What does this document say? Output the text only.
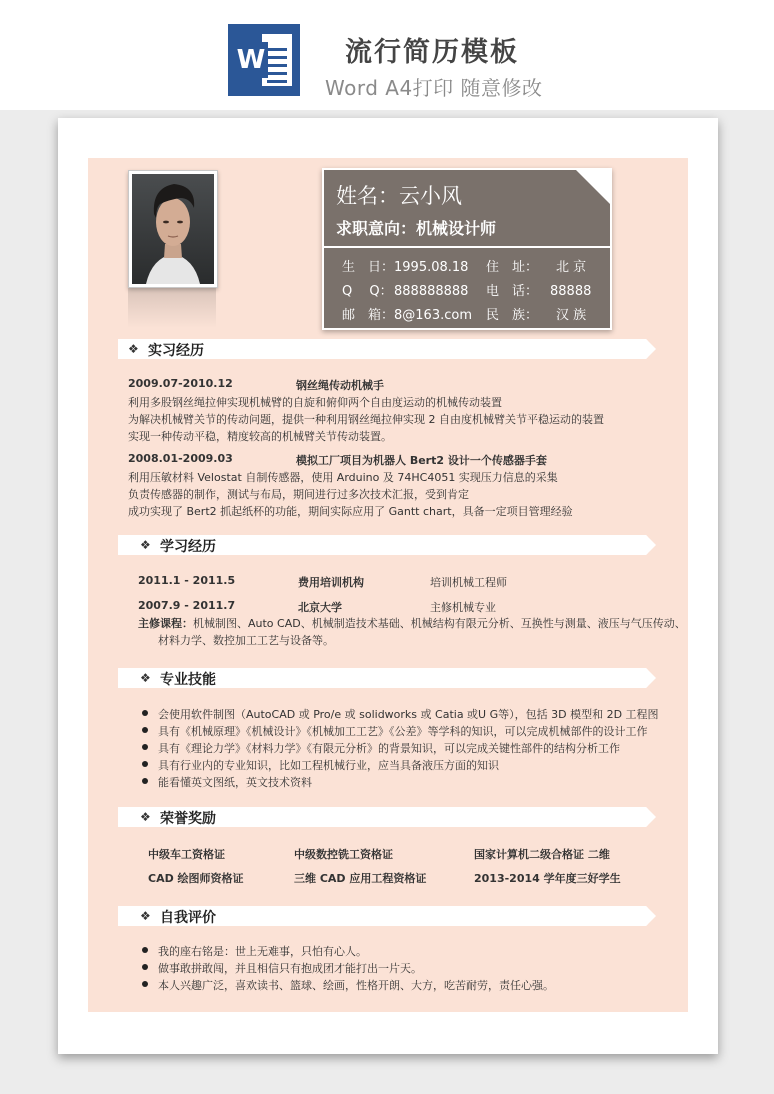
W	流行简历模板
Word A4打印 随意修改
姓名：云小风
求职意向：机械设计师
生　日：1995.08.18 住　址： 北 京
Q　 Q：888888888 电　话： 88888
邮　箱：8@163.com 民　族： 汉 族
❖ 实习经历
2009.07-2010.12	钢丝绳传动机械手
利用多股钢丝绳拉伸实现机械臂的自旋和俯仰两个自由度运动的机械传动装置
为解决机械臂关节的传动问题，提供一种利用钢丝绳拉伸实现 2 自由度机械臂关节平稳运动的装置
实现一种传动平稳，精度较高的机械臂关节传动装置。
2008.01-2009.03	模拟工厂项目为机器人 Bert2 设计一个传感器手套
利用压敏材料 Velostat 自制传感器，使用 Arduino 及 74HC4051 实现压力信息的采集
负责传感器的制作，测试与布局，期间进行过多次技术汇报，受到肯定
成功实现了 Bert2 抓起纸杯的功能，期间实际应用了 Gantt chart，具备一定项目管理经验
❖ 学习经历
2011.1 - 2011.5	费用培训机构	培训机械工程师
2007.9 - 2011.7	北京大学	主修机械专业
主修课程：机械制图、Auto CAD、机械制造技术基础、机械结构有限元分析、互换性与测量、液压与气压传动、
材料力学、数控加工工艺与设备等。
❖ 专业技能
会使用软件制图（AutoCAD 或 Pro/e 或 solidworks 或 Catia 或U G等），包括 3D 模型和 2D 工程图
具有《机械原理》《机械设计》《机械加工工艺》《公差》等学科的知识，可以完成机械部件的设计工作
具有《理论力学》《材料力学》《有限元分析》的背景知识，可以完成关键性部件的结构分析工作
具有行业内的专业知识，比如工程机械行业，应当具备液压方面的知识
能看懂英文图纸，英文技术资料
❖ 荣誉奖励
中级车工资格证	中级数控铣工资格证	国家计算机二级合格证 二维
CAD 绘图师资格证	三维 CAD 应用工程资格证	2013-2014 学年度三好学生
❖ 自我评价
我的座右铭是：世上无难事，只怕有心人。
做事敢拼敢闯，并且相信只有抱成团才能打出一片天。
本人兴趣广泛，喜欢读书、篮球、绘画，性格开朗、大方，吃苦耐劳，责任心强。
